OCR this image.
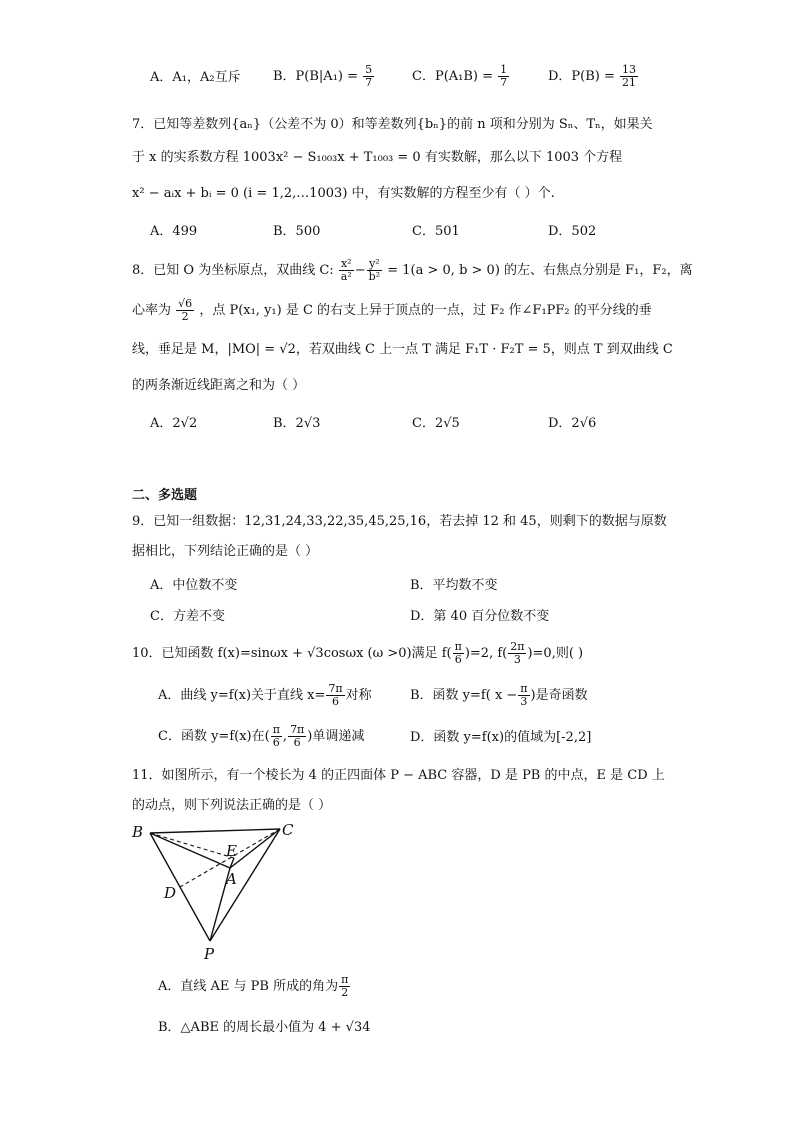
A．A₁，A₂互斥 B．$P(B|A_1) = \frac{5}{7}$	C．$P(A_1B) = \frac{1}{7}$	D．$P(B) = \frac{13}{21}$
7．已知等差数列{aₙ}（公差不为 0）和等差数列{bₙ}的前 n 项和分别为 Sₙ、Tₙ，如果关
于 x 的实系数方程 1003x² − S₁₀₀₃x + T₁₀₀₃ = 0 有实数解，那么以下 1003 个方程
x² − aᵢx + bᵢ = 0 (i = 1,2,…1003) 中，有实数解的方程至少有（ ）个.
A．499	B．500	C．501	D．502
8．已知 O 为坐标原点，双曲线 C: $\frac{\text{x²}}{\text{a²}} - \frac{\text{y²}}{\text{b²}} = 1(a > 0$, b > 0) 的左、右焦点分别是 F₁，F₂，离
心率为 $\frac{√6}{2}$ ，点 P(x₁, y₁) 是 C 的右支上异于顶点的一点，过 F₂ 作∠F₁PF₂ 的平分线的垂
线，垂足是 M，|MO| = √2，若双曲线 C 上一点 T 满足 F₁T · F₂T = 5，则点 T 到双曲线 C
的两条渐近线距离之和为（ ）
A．2√2	B．2√3	C．2√5	D．2√6
二、多选题
9．已知一组数据：12,31,24,33,22,35,45,25,16，若去掉 12 和 45，则剩下的数据与原数
据相比，下列结论正确的是（ ）
A．中位数不变	B．平均数不变
C．方差不变	D．第 40 百分位数不变
10．已知函数 f(x)=sinωx + √3cosωx (ω >0)满足 $f( \frac{\pi}{6} )=2$, $f( \frac{2\pi}{3} )=0$,则( )
A．曲线 y=f(x)关于直线 $x= \frac{7\pi}{6}$ 对称	B．函数 y=f( $x - \frac{\pi}{3}$ )是奇函数
C．函数 y=f(x)在( $\frac{\pi}{6}$ , $\frac{7\pi}{6}$ )单调递减	D．函数 y=f(x)的值域为[-2,2]
11．如图所示，有一个棱长为 4 的正四面体 P − ABC 容器，D 是 PB 的中点，E 是 CD 上
的动点，则下列说法正确的是（ ）
B	C
E
A
D
P
A．直线 AE 与 PB 所成的角为 $\frac{\pi}{2}$
B．△ABE 的周长最小值为 4 + √34
